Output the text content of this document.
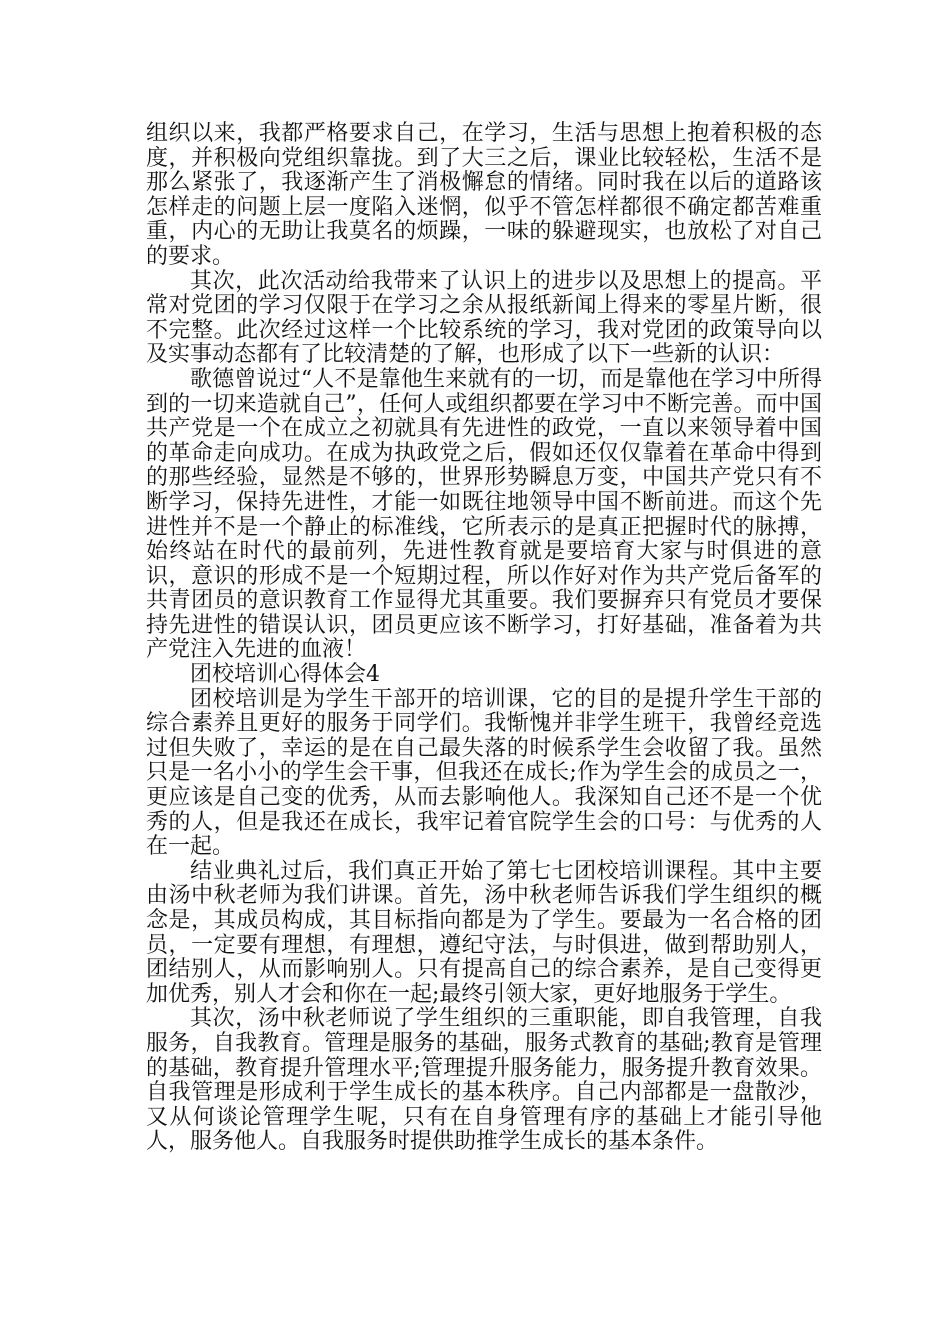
组织以来，我都严格要求自己，在学习，生活与思想上抱着积极的态度，并积极向党组织靠拢。到了大三之后，课业比较轻松，生活不是那么紧张了，我逐渐产生了消极懈怠的情绪。同时我在以后的道路该怎样走的问题上层一度陷入迷惘，似乎不管怎样都很不确定都苦难重重，内心的无助让我莫名的烦躁，一味的躲避现实，也放松了对自己的要求。

其次，此次活动给我带来了认识上的进步以及思想上的提高。平常对党团的学习仅限于在学习之余从报纸新闻上得来的零星片断，很不完整。此次经过这样一个比较系统的学习，我对党团的政策导向以及实事动态都有了比较清楚的了解，也形成了以下一些新的认识：

歌德曾说过“人不是靠他生来就有的一切，而是靠他在学习中所得到的一切来造就自己”，任何人或组织都要在学习中不断完善。而中国共产党是一个在成立之初就具有先进性的政党，一直以来领导着中国的革命走向成功。在成为执政党之后，假如还仅仅靠着在革命中得到的那些经验，显然是不够的，世界形势瞬息万变，中国共产党只有不断学习，保持先进性，才能一如既往地领导中国不断前进。而这个先进性并不是一个静止的标准线，它所表示的是真正把握时代的脉搏，始终站在时代的最前列，先进性教育就是要培育大家与时俱进的意识，意识的形成不是一个短期过程，所以作好对作为共产党后备军的共青团员的意识教育工作显得尤其重要。我们要摒弃只有党员才要保持先进性的错误认识，团员更应该不断学习，打好基础，准备着为共产党注入先进的血液！

团校培训心得体会4

团校培训是为学生干部开的培训课，它的目的是提升学生干部的综合素养且更好的服务于同学们。我惭愧并非学生班干，我曾经竞选过但失败了，幸运的是在自己最失落的时候系学生会收留了我。虽然只是一名小小的学生会干事，但我还在成长;作为学生会的成员之一，更应该是自己变的优秀，从而去影响他人。我深知自己还不是一个优秀的人，但是我还在成长，我牢记着官院学生会的口号：与优秀的人在一起。

结业典礼过后，我们真正开始了第七七团校培训课程。其中主要由汤中秋老师为我们讲课。首先，汤中秋老师告诉我们学生组织的概念是，其成员构成，其目标指向都是为了学生。要最为一名合格的团员，一定要有理想，有理想，遵纪守法，与时俱进，做到帮助别人，团结别人，从而影响别人。只有提高自己的综合素养，是自己变得更加优秀，别人才会和你在一起;最终引领大家，更好地服务于学生。

其次，汤中秋老师说了学生组织的三重职能，即自我管理，自我服务，自我教育。管理是服务的基础，服务式教育的基础;教育是管理的基础，教育提升管理水平;管理提升服务能力，服务提升教育效果。自我管理是形成利于学生成长的基本秩序。自己内部都是一盘散沙，又从何谈论管理学生呢，只有在自身管理有序的基础上才能引导他人，服务他人。自我服务时提供助推学生成长的基本条件。
